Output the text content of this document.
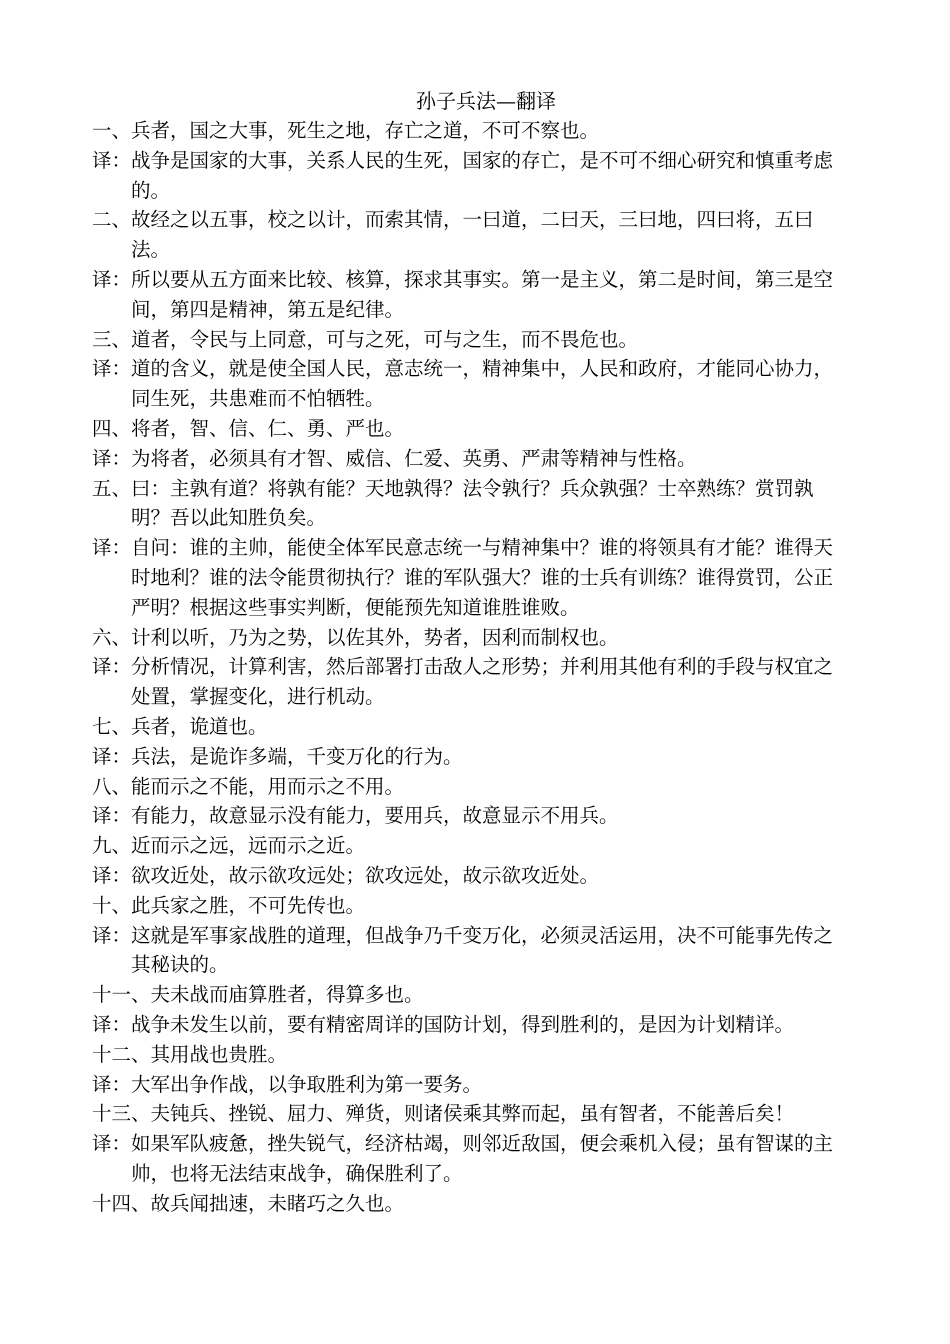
孙子兵法—翻译
一、 兵者，国之大事，死生之地，存亡之道，不可不察也。
译： 战争是国家的大事，关系人民的生死，国家的存亡，是不可不细心研究和慎重考虑的。
二、 故经之以五事，校之以计，而索其情，一曰道，二曰天，三曰地，四曰将，五曰法。
译： 所以要从五方面来比较、核算，探求其事实。第一是主义，第二是时间，第三是空间，第四是精神，第五是纪律。
三、 道者，令民与上同意，可与之死，可与之生，而不畏危也。
译： 道的含义，就是使全国人民，意志统一，精神集中，人民和政府，才能同心协力，同生死，共患难而不怕牺牲。
四、 将者，智、信、仁、勇、严也。
译： 为将者，必须具有才智、威信、仁爱、英勇、严肃等精神与性格。
五、 曰：主孰有道？将孰有能？天地孰得？法令孰行？兵众孰强？士卒熟练？赏罚孰明？吾以此知胜负矣。
译： 自问：谁的主帅，能使全体军民意志统一与精神集中？谁的将领具有才能？谁得天时地利？谁的法令能贯彻执行？谁的军队强大？谁的士兵有训练？谁得赏罚，公正严明？根据这些事实判断，便能预先知道谁胜谁败。
六、 计利以听，乃为之势，以佐其外，势者，因利而制权也。
译： 分析情况，计算利害，然后部署打击敌人之形势；并利用其他有利的手段与权宜之处置，掌握变化，进行机动。
七、 兵者，诡道也。
译： 兵法，是诡诈多端，千变万化的行为。
八、 能而示之不能，用而示之不用。
译： 有能力，故意显示没有能力，要用兵，故意显示不用兵。
九、 近而示之远，远而示之近。
译： 欲攻近处，故示欲攻远处；欲攻远处，故示欲攻近处。
十、 此兵家之胜，不可先传也。
译： 这就是军事家战胜的道理，但战争乃千变万化，必须灵活运用，决不可能事先传之其秘诀的。
十一、 夫未战而庙算胜者，得算多也。
译： 战争未发生以前，要有精密周详的国防计划，得到胜利的，是因为计划精详。
十二、 其用战也贵胜。
译： 大军出争作战，以争取胜利为第一要务。
十三、 夫钝兵、挫锐、屈力、殚货，则诸侯乘其弊而起，虽有智者，不能善后矣！
译： 如果军队疲惫，挫失锐气，经济枯竭，则邻近敌国，便会乘机入侵；虽有智谋的主帅，也将无法结束战争，确保胜利了。
十四、 故兵闻拙速，未睹巧之久也。
